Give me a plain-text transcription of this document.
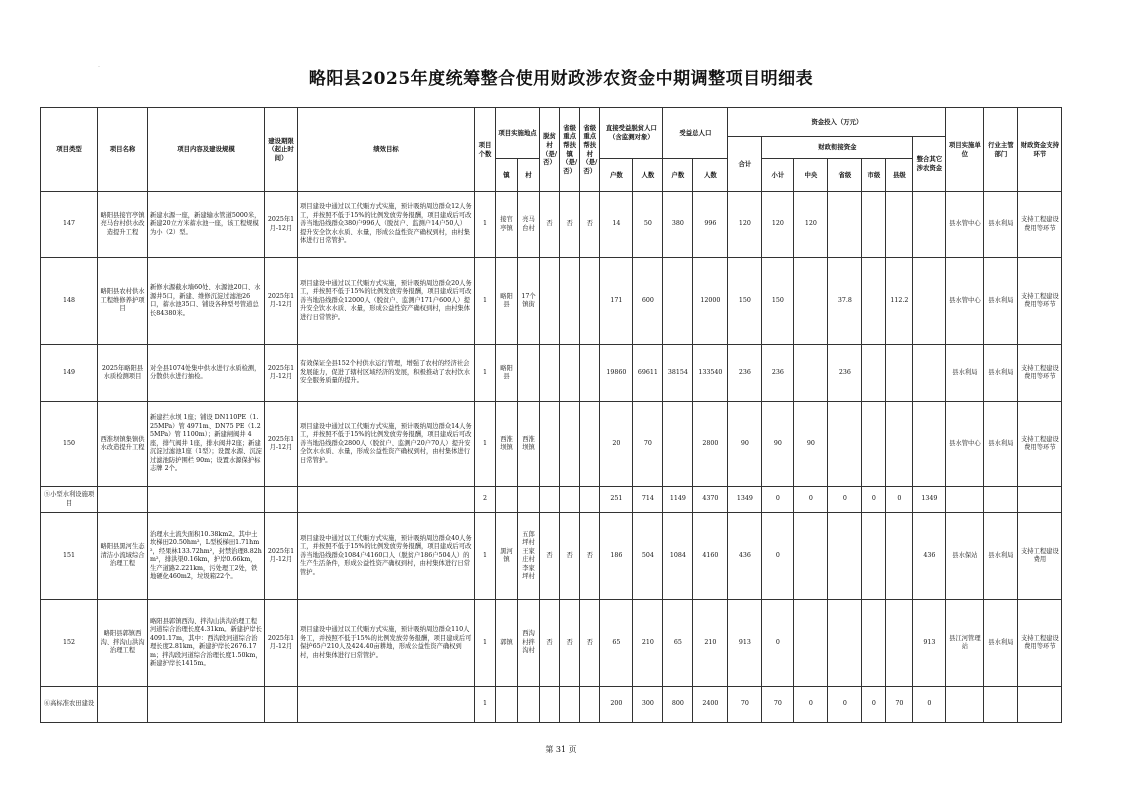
·
略阳县2025年度统筹整合使用财政涉农资金中期调整项目明细表
项目类型	项目名称	项目内容及建设规模	建设期限（起止时间）	绩效目标	项目个数	项目实施地点		脱贫村（是/否）	省级重点帮扶镇（是/否）	省级重点帮扶村（是/否）	直接受益脱贫人口（含监测对象）		受益总人口		资金投入（万元）							项目实施单位	行业主管部门	财政资金支持环节
															合计	财政衔接资金					整合其它涉农资金			
						镇	村				户数	人数	户数	人数		小计	中央	省级	市级	县级				
147	略阳县接官亭镇亮马台村供水改造提升工程	新建水源一座，新建输水管道5000米，新建20立方米蓄水池一座，该工程规模为小（2）型。	2025年1月-12月	项目建设中通过以工代赈方式实施，预计吸纳周边群众12人务工，并按照不低于15%的比例发放劳务报酬，项目建成后可改善当地沿线群众380户996人（脱贫户、监测户14户50人）提升安全饮水水质、水量，形成公益性资产确权到村，由村集体进行日常管护。	1	接官亭镇	亮马台村	否	否	否	14	50	380	996	120	120	120					县水管中心	县水利局	支持工程建设费用等环节
148	略阳县农村供水工程维修养护项目	新修水源截水墙60处、水源池20口、水源井5口，新建、维修沉淀过滤池26口，蓄水池35口、铺设各种型号管道总长84380米。	2025年1月-12月	项目建设中通过以工代赈方式实施，预计吸纳周边群众20人务工，并按照不低于15%的比例发放劳务报酬，项目建成后可改善当地沿线群众12000人（脱贫户、监测户171户600人）提升安全饮水水质、水量，形成公益性资产确权到村，由村集体进行日常管护。	1	略阳县	17个镇街				171	600		12000	150	150		37.8		112.2		县水管中心	县水利局	支持工程建设费用等环节
149	2025年略阳县水质检测项目	对全县1074处集中供水进行水质检测，分散供水进行抽检。	2025年1月-12月	有效保证全县152个村供水运行管理，增强了农村的经济社会发展能力，促进了辖村区域经济的发展，积极推动了农村饮水安全服务质量的提升。	1	略阳县					19860	69611	38154	133540	236	236		236				县水利局	县水利局	支持工程建设费用等环节
150	西淮坝镇集镇供水改造提升工程	新建拦水坝 1座；铺设 DN110PE（1.25MPa）管 4971m、DN75 PE（1.25MPa）管 1100m）；新建闸阀井 4座，排气阀井 1座，排水阀井2座；新建沉淀过滤池1座（1型）；设置水源、沉淀过滤池防护围栏 90m；设置水源保护标志牌 2个。	2025年1月-12月	项目建设中通过以工代赈方式实施，预计吸纳周边群众14人务工，并按照不低于15%的比例发放劳务报酬，项目建成后可改善当地沿线群众2800人（脱贫户、监测户20户70人）提升安全饮水水质、水量，形成公益性资产确权到村，由村集体进行日常管护。	1	西淮坝镇	西淮坝镇				20	70		2800	90	90	90					县水管中心	县水利局	支持工程建设费用等环节
⑤小型水利设施项目					2						251	714	1149	4370	1349	0	0	0	0	0	1349			
151	略阳县黑河生态清洁小流域综合治理工程	治理水土流失面积10.38km2。其中土坎梯田20.50hm²，L型板梯田1.71hm²，经果林133.72hm²，封禁治理8.82hm²，排洪渠0.16km，护岸0.66km，生产道路2.221km，污处理工2处，铁地硬化460m2，垃圾箱22个。	2025年1月-12月	项目建设中通过以工代赈方式实施，预计吸纳周边群众40人务工，并按照不低于15%的比例发放劳务报酬，项目建成后可改善当地沿线群众1084户4160口人（脱贫户186户504人）的生产生活条件，形成公益性资产确权到村，由村集体进行日常管护。	1	黑河镇	五郎坪村王家庄村李家坪村	否	否	否	186	504	1084	4160	436	0					436	县水保站	县水利局	支持工程建设费用
152	略阳县郭镇西沟、拌沟山洪沟治理工程	略阳县郭镇西沟、拌沟山洪沟治理工程河道综合治理长度4.31km。新建护岸长4091.17m，其中：西沟段河道综合治理长度2.81km，新建护岸长2676.17m；拌沟段河道综合治理长度1.50km，新建护岸长1415m。	2025年1月-12月	项目建设中通过以工代赈方式实施，预计吸纳周边群众110人务工，并按照不低于15%的比例发放劳务报酬，项目建成后可保护65户210人及424.40亩耕地，形成公益性资产确权到村，由村集体进行日常管护。	1	郭镇	西沟村拌沟村	否	否	否	65	210	65	210	913	0					913	县江河管理站	县水利局	支持工程建设费用等环节
⑥高标准农田建设					1						200	300	800	2400	70	70	0	0	0	70	0			
第 31 页
